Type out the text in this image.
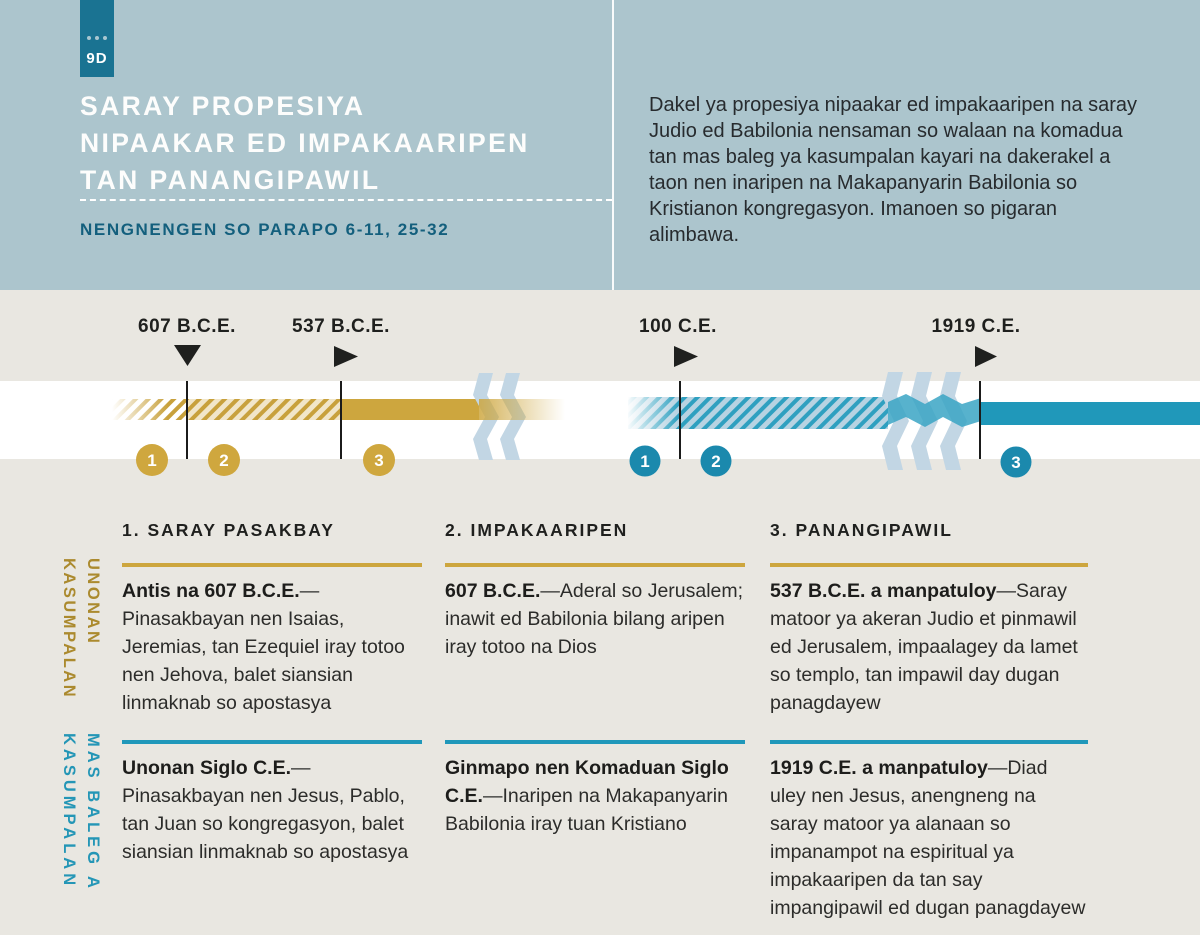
9D
SARAY PROPESIYA
NIPAAKAR ED IMPAKAARIPEN
TAN PANANGIPAWIL
NENGNENGEN SO PARAPO 6-11, 25-32
Dakel ya propesiya nipaakar ed impakaaripen na saray Judio ed Babilonia nensaman so walaan na komadua tan mas baleg ya kasumpalan kayari na dakerakel a taon nen inaripen na Makapanyarin Babilonia so Kristianon kongregasyon. Imanoen so pigaran alimbawa.
607 B.C.E.	537 B.C.E.	100 C.E.	1919 C.E.
1	2	3	1	2	3
UNONAN
KASUMPALAN
MAS BALEG A
KASUMPALAN
1. SARAY PASAKBAY

Antis na 607 B.C.E.—Pinasakbayan nen Isaias, Jeremias, tan Ezequiel iray totoo nen Jehova, balet siansian linmaknab so apostasya

Unonan Siglo C.E.—Pinasakbayan nen Jesus, Pablo, tan Juan so kongregasyon, balet siansian linmaknab so apostasya

2. IMPAKAARIPEN

607 B.C.E.—Aderal so Jerusalem; inawit ed Babilonia bilang aripen iray totoo na Dios

Ginmapo nen Komaduan Siglo C.E.—Inaripen na Makapanyarin Babilonia iray tuan Kristiano

3. PANANGIPAWIL

537 B.C.E. a manpatuloy—Saray matoor ya akeran Judio et pinmawil ed Jerusalem, impaalagey da lamet so templo, tan impawil day dugan panagdayew

1919 C.E. a manpatuloy—Diad uley nen Jesus, anengneng na saray matoor ya alanaan so impanampot na espiritual ya impakaaripen da tan say impangipawil ed dugan panagdayew
